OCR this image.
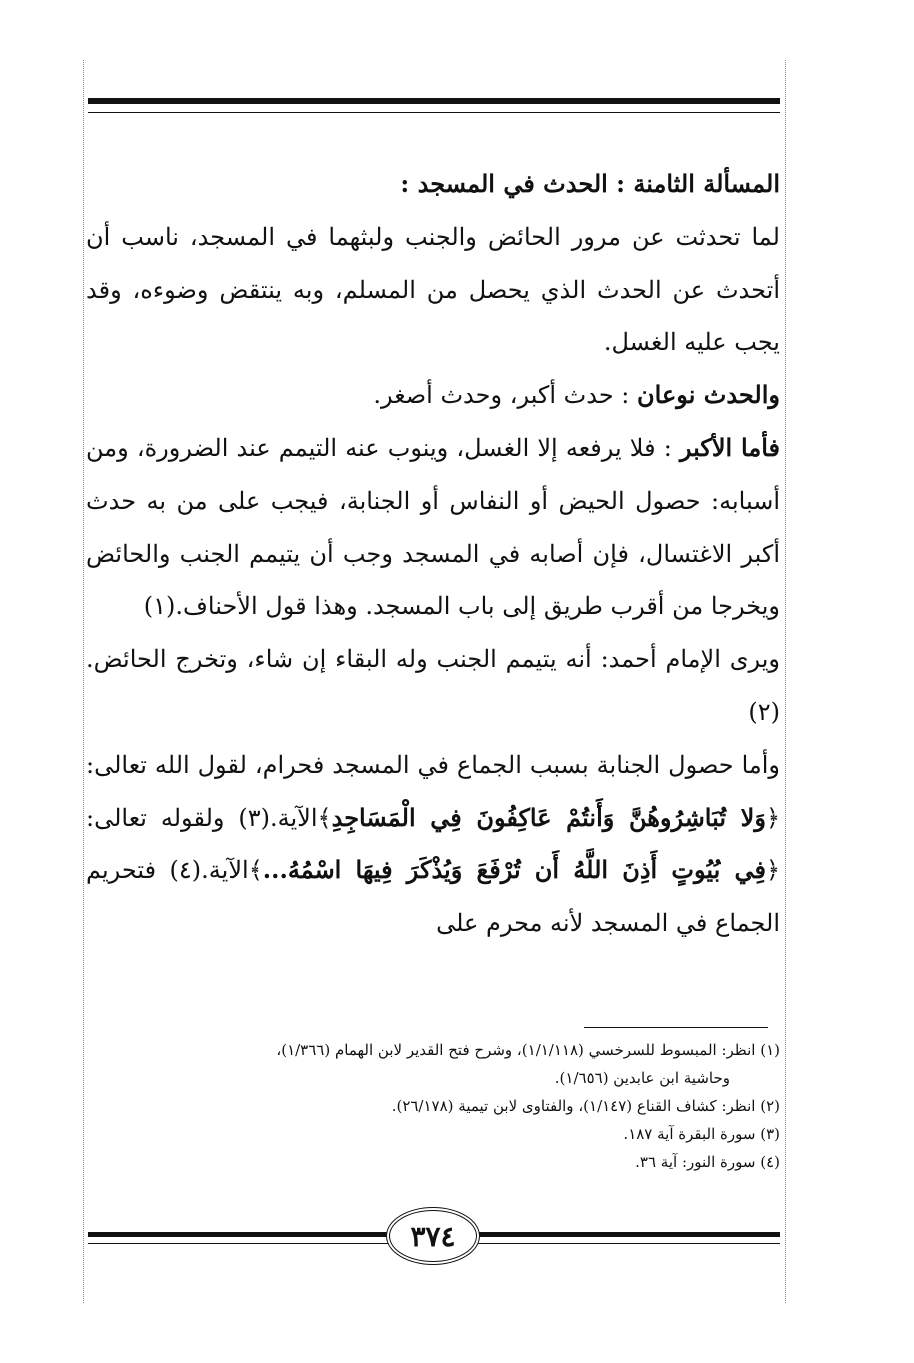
المسألة الثامنة : الحدث في المسجد :

لما تحدثت عن مرور الحائض والجنب ولبثهما في المسجد، ناسب أن أتحدث عن الحدث الذي يحصل من المسلم، وبه ينتقض وضوءه، وقد يجب عليه الغسل.

والحدث نوعان : حدث أكبر، وحدث أصغر.

فأما الأكبر : فلا يرفعه إلا الغسل، وينوب عنه التيمم عند الضرورة، ومن أسبابه: حصول الحيض أو النفاس أو الجنابة، فيجب على من به حدث أكبر الاغتسال، فإن أصابه في المسجد وجب أن يتيمم الجنب والحائض ويخرجا من أقرب طريق إلى باب المسجد. وهذا قول الأحناف.(١)

ويرى الإمام أحمد: أنه يتيمم الجنب وله البقاء إن شاء، وتخرج الحائض.(٢)

وأما حصول الجنابة بسبب الجماع في المسجد فحرام، لقول الله تعالى: ﴿وَلا تُبَاشِرُوهُنَّ وَأَنتُمْ عَاكِفُونَ فِي الْمَسَاجِدِ﴾الآية.(٣) ولقوله تعالى: ﴿فِي بُيُوتٍ أَذِنَ اللَّهُ أَن تُرْفَعَ وَيُذْكَرَ فِيهَا اسْمُهُ...﴾الآية.(٤) فتحريم الجماع في المسجد لأنه محرم على

(١) انظر: المبسوط للسرخسي (١/١/١١٨)، وشرح فتح القدير لابن الهمام (١/٣٦٦)،

وحاشية ابن عابدين (١/٦٥٦).

(٢) انظر: كشاف القناع (١/١٤٧)، والفتاوى لابن تيمية (٢٦/١٧٨).

(٣) سورة البقرة آية ١٨٧.

(٤) سورة النور: آية ٣٦.

٣٧٤
